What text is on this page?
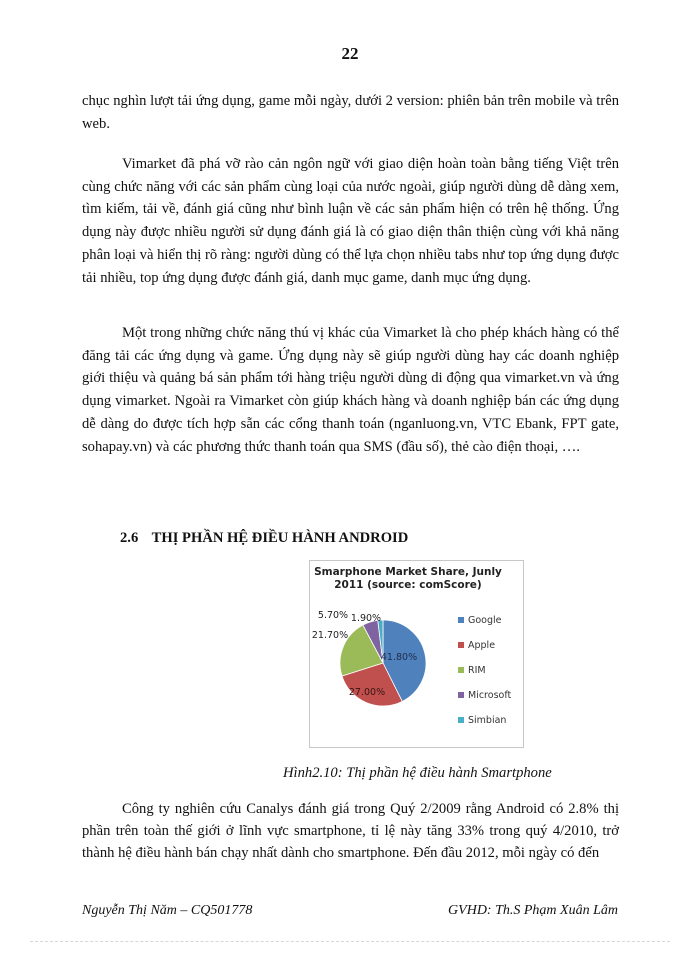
22

chục nghìn lượt tải ứng dụng, game mỗi ngày, dưới 2 version: phiên bản trên mobile và trên web.

Vimarket đã phá vỡ rào cản ngôn ngữ với giao diện hoàn toàn bằng tiếng Việt trên cùng chức năng với các sản phẩm cùng loại của nước ngoài, giúp người dùng dễ dàng xem, tìm kiếm, tải về, đánh giá cũng như bình luận về các sản phẩm hiện có trên hệ thống. Ứng dụng này được nhiều người sử dụng đánh giá là có giao diện thân thiện cùng với khả năng phân loại và hiển thị rõ ràng: người dùng có thể lựa chọn nhiều tabs như top ứng dụng được tải nhiều, top ứng dụng được đánh giá, danh mục game, danh mục ứng dụng.

Một trong những chức năng thú vị khác của Vimarket là cho phép khách hàng có thể đăng tải các ứng dụng và game. Ứng dụng này sẽ giúp người dùng hay các doanh nghiệp giới thiệu và quảng bá sản phẩm tới hàng triệu người dùng di động qua vimarket.vn và ứng dụng vimarket. Ngoài ra Vimarket còn giúp khách hàng và doanh nghiệp bán các ứng dụng dễ dàng do được tích hợp sẵn các cổng thanh toán (nganluong.vn, VTC Ebank, FPT gate, sohapay.vn) và các phương thức thanh toán qua SMS (đầu số), thẻ cào điện thoại, ….

2.6 THỊ PHẦN HỆ ĐIỀU HÀNH ANDROID
Smarphone Market Share, Junly
2011 (source: comScore)
41.80%
27.00%
21.70%
5.70% 1.90%	Google
Apple
RIM
Microsoft
Simbian
Hình2.10: Thị phần hệ điều hành Smartphone

Công ty nghiên cứu Canalys đánh giá trong Quý 2/2009 rằng Android có 2.8% thị phần trên toàn thế giới ở lĩnh vực smartphone, tỉ lệ này tăng 33% trong quý 4/2010, trở thành hệ điều hành bán chạy nhất dành cho smartphone. Đến đầu 2012, mỗi ngày có đến

Nguyễn Thị Năm – CQ501778	GVHD: Th.S Phạm Xuân Lâm
